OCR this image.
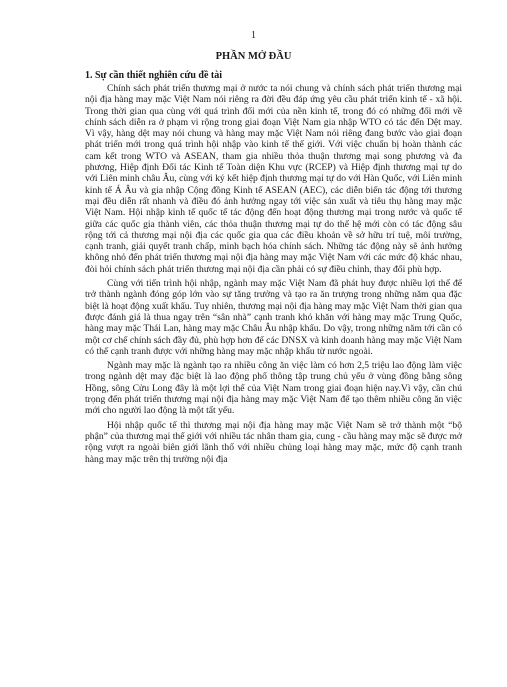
1
PHẦN MỞ ĐẦU
1. Sự cần thiết nghiên cứu đề tài

Chính sách phát triển thương mại ở nước ta nói chung và chính sách phát triển thương mại nội địa hàng may mặc Việt Nam nói riêng ra đời đều đáp ứng yêu cầu phát triển kinh tế - xã hội. Trong thời gian qua cùng với quá trình đổi mới của nền kinh tế, trong đó có những đổi mới về chính sách diễn ra ở phạm vi rộng trong giai đoạn Việt Nam gia nhập WTO có tác đến Dệt may. Vì vậy, hàng dệt may nói chung và hàng may mặc Việt Nam nói riêng đang bước vào giai đoạn phát triển mới trong quá trình hội nhập vào kinh tế thế giới. Với việc chuẩn bị hoàn thành các cam kết trong WTO và ASEAN, tham gia nhiều thỏa thuận thương mại song phương và đa phương, Hiệp định Đối tác Kinh tế Toàn diện Khu vực (RCEP) và Hiệp định thương mại tự do với Liên minh châu Âu, cùng với ký kết hiệp định thương mại tự do với Hàn Quốc, với Liên minh kinh tế Á Âu và gia nhập Cộng đồng Kinh tế ASEAN (AEC), các diễn biến tác động tới thương mại đều diễn rất nhanh và điều đó ảnh hưởng ngay tới việc sản xuất và tiêu thụ hàng may mặc Việt Nam. Hội nhập kinh tế quốc tế tác động đến hoạt động thương mại trong nước và quốc tế giữa các quốc gia thành viên, các thỏa thuận thương mại tự do thế hệ mới còn có tác động sâu rộng tới cả thương mại nội địa các quốc gia qua các điều khoản về sở hữu trí tuệ, môi trường, cạnh tranh, giải quyết tranh chấp, minh bạch hóa chính sách. Những tác động này sẽ ảnh hưởng không nhỏ đến phát triển thương mại nội địa hàng may mặc Việt Nam với các mức độ khác nhau, đòi hỏi chính sách phát triển thương mại nội địa cần phải có sự điều chỉnh, thay đổi phù hợp.

Cùng với tiến trình hội nhập, ngành may mặc Việt Nam đã phát huy được nhiều lợi thế để trở thành ngành đóng góp lớn vào sự tăng trưởng và tạo ra ăn trượng trong những năm qua đặc biệt là hoạt động xuất khẩu. Tuy nhiên, thương mại nội địa hàng may mặc Việt Nam thời gian qua được đánh giá là thua ngay trên “sân nhà” cạnh tranh khó khăn với hàng may mặc Trung Quốc, hàng may mặc Thái Lan, hàng may mặc Châu Âu nhập khẩu. Do vậy, trong những năm tới cần có một cơ chế chính sách đầy đủ, phù hợp hơn để các DNSX và kinh doanh hàng may mặc Việt Nam có thế cạnh tranh được với những hàng may mặc nhập khẩu từ nước ngoài.

Ngành may mặc là ngành tạo ra nhiều công ăn việc làm có hơn 2,5 triệu lao động làm việc trong ngành dệt may đặc biệt là lao động phổ thông tập trung chủ yếu ở vùng đồng bằng sông Hồng, sông Cửu Long đây là một lợi thế của Việt Nam trong giai đoạn hiện nay.Vì vậy, cần chú trọng đến phát triển thương mại nội địa hàng may mặc Việt Nam để tạo thêm nhiều công ăn việc mới cho người lao động là một tất yếu.

Hội nhập quốc tế thì thương mại nội địa hàng may mặc Việt Nam sẽ trở thành một “bộ phận” của thương mại thế giới với nhiều tác nhân tham gia, cung - cầu hàng may mặc sẽ được mở rộng vượt ra ngoài biên giới lãnh thổ với nhiều chủng loại hàng may mặc, mức độ cạnh tranh hàng may mặc trên thị trường nội địa
